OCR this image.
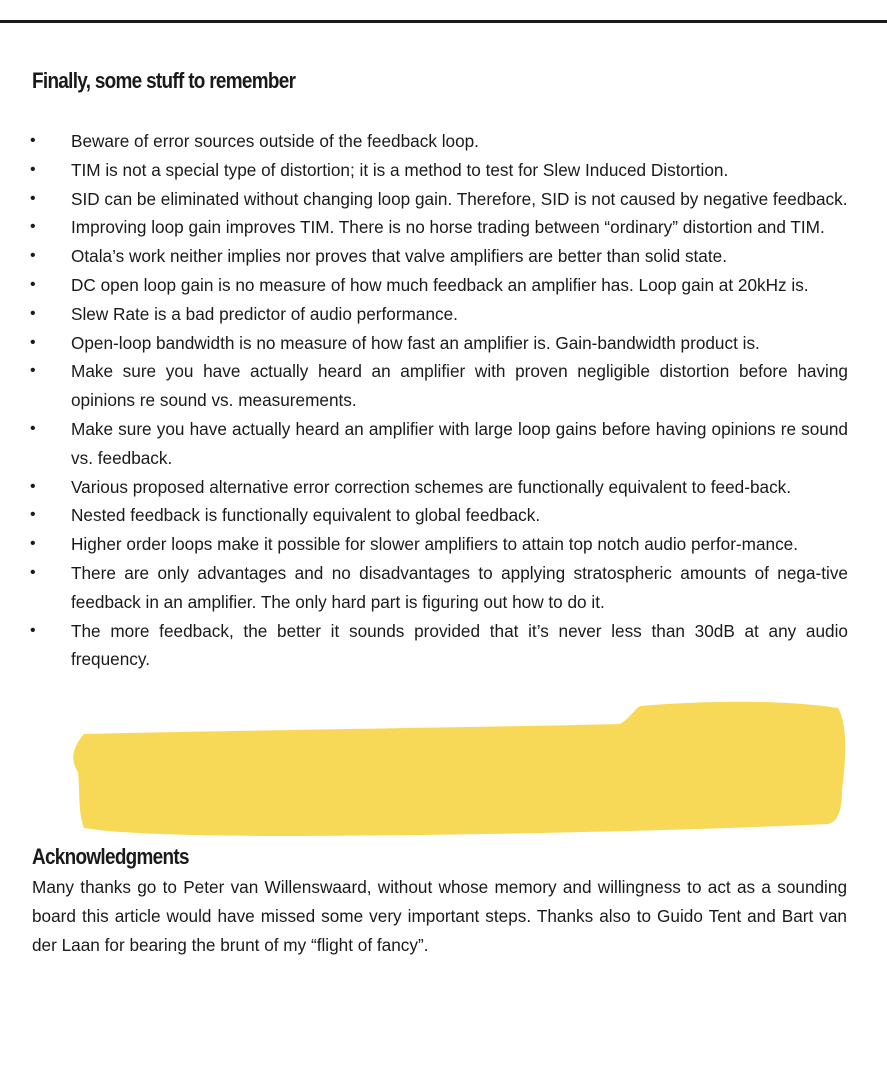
Finally, some stuff to remember
• Beware of error sources outside of the feedback loop.
• TIM is not a special type of distortion; it is a method to test for Slew Induced Distortion.
• SID can be eliminated without changing loop gain. Therefore, SID is not caused by negative feedback.
• Improving loop gain improves TIM. There is no horse trading between “ordinary” distortion and TIM.
• Otala’s work neither implies nor proves that valve amplifiers are better than solid state.
• DC open loop gain is no measure of how much feedback an amplifier has. Loop gain at 20kHz is.
• Slew Rate is a bad predictor of audio performance.
• Open-loop bandwidth is no measure of how fast an amplifier is. Gain-bandwidth product is.
• Make sure you have actually heard an amplifier with proven negligible distortion before having opinions re sound vs. measurements.
• Make sure you have actually heard an amplifier with large loop gains before having opinions re sound vs. feedback.
• Various proposed alternative error correction schemes are functionally equivalent to feed-back.
• Nested feedback is functionally equivalent to global feedback.
• Higher order loops make it possible for slower amplifiers to attain top notch audio perfor-mance.
• There are only advantages and no disadvantages to applying stratospheric amounts of nega-tive feedback in an amplifier. The only hard part is figuring out how to do it.
• The more feedback, the better it sounds provided that it’s never less than 30dB at any audio frequency.
Acknowledgments

Many thanks go to Peter van Willenswaard, without whose memory and willingness to act as a sounding board this article would have missed some very important steps. Thanks also to Guido Tent and Bart van der Laan for bearing the brunt of my “flight of fancy”.
